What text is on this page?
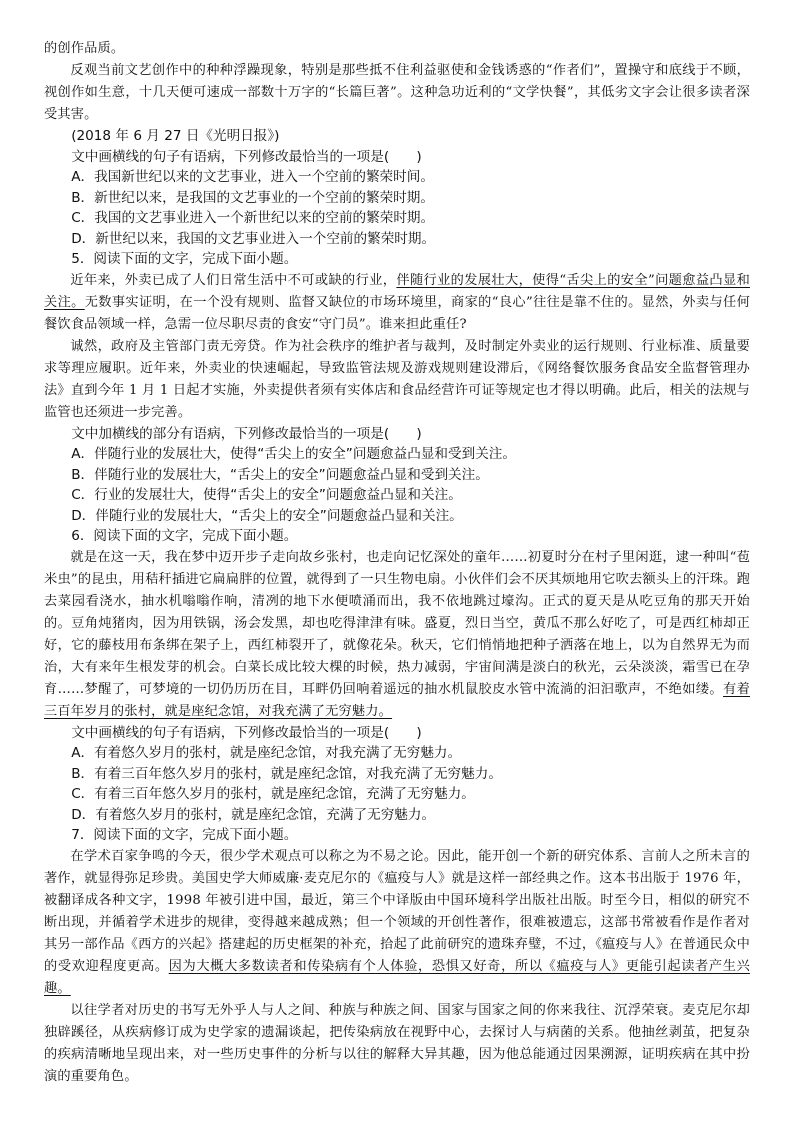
的创作品质。

反观当前文艺创作中的种种浮躁现象，特别是那些抵不住利益驱使和金钱诱惑的“作者们”，置操守和底线于不顾，视创作如生意，十几天便可速成一部数十万字的“长篇巨著”。这种急功近利的“文学快餐”，其低劣文字会让很多读者深受其害。

(2018 年 6 月 27 日《光明日报》)

文中画横线的句子有语病，下列修改最恰当的一项是(　　)

A．我国新世纪以来的文艺事业，进入一个空前的繁荣时间。

B．新世纪以来，是我国的文艺事业的一个空前的繁荣时期。

C．我国的文艺事业进入一个新世纪以来的空前的繁荣时期。

D．新世纪以来，我国的文艺事业进入一个空前的繁荣时期。

5．阅读下面的文字，完成下面小题。

近年来，外卖已成了人们日常生活中不可或缺的行业，伴随行业的发展壮大，使得“舌尖上的安全”问题愈益凸显和关注。无数事实证明，在一个没有规则、监督又缺位的市场环境里，商家的“良心”往往是靠不住的。显然，外卖与任何餐饮食品领域一样，急需一位尽职尽责的食安“守门员”。谁来担此重任?

诚然，政府及主管部门责无旁贷。作为社会秩序的维护者与裁判，及时制定外卖业的运行规则、行业标准、质量要求等理应履职。近年来，外卖业的快速崛起，导致监管法规及游戏规则建设滞后，《网络餐饮服务食品安全监督管理办法》直到今年 1 月 1 日起才实施，外卖提供者须有实体店和食品经营许可证等规定也才得以明确。此后，相关的法规与监管也还须进一步完善。

文中加横线的部分有语病，下列修改最恰当的一项是(　　)

A．伴随行业的发展壮大，使得“舌尖上的安全”问题愈益凸显和受到关注。

B．伴随行业的发展壮大，“舌尖上的安全”问题愈益凸显和受到关注。

C．行业的发展壮大，使得“舌尖上的安全”问题愈益凸显和关注。

D．伴随行业的发展壮大，“舌尖上的安全”问题愈益凸显和关注。

6．阅读下面的文字，完成下面小题。

就是在这一天，我在梦中迈开步子走向故乡张村，也走向记忆深处的童年……初夏时分在村子里闲逛，逮一种叫“苞米虫”的昆虫，用秸秆插进它扁扁胖的位置，就得到了一只生物电扇。小伙伴们会不厌其烦地用它吹去额头上的汗珠。跑去菜园看浇水，抽水机嗡嗡作响，清冽的地下水便喷涌而出，我不依地跳过壕沟。正式的夏天是从吃豆角的那天开始的。豆角炖猪肉，因为用铁锅，汤会发黑，却也吃得津津有味。盛夏，烈日当空，黄瓜不那么好吃了，可是西红柿却正好，它的藤枝用布条绑在架子上，西红柿裂开了，就像花朵。秋天，它们悄悄地把种子洒落在地上，以为自然界无为而治，大有来年生根发芽的机会。白菜长成比较大棵的时候，热力减弱，宇宙间满是淡白的秋光，云朵淡淡，霜雪已在孕育……梦醒了，可梦境的一切仍历历在目，耳畔仍回响着遥远的抽水机鼠胶皮水管中流淌的汩汩歌声，不绝如缕。有着三百年岁月的张村，就是座纪念馆，对我充满了无穷魅力。

文中画横线的句子有语病，下列修改最恰当的一项是(　　)

A．有着悠久岁月的张村，就是座纪念馆，对我充满了无穷魅力。

B．有着三百年悠久岁月的张村，就是座纪念馆，对我充满了无穷魅力。

C．有着三百年悠久岁月的张村，就是座纪念馆，充满了无穷魅力。

D．有着悠久岁月的张村，就是座纪念馆，充满了无穷魅力。

7．阅读下面的文字，完成下面小题。

在学术百家争鸣的今天，很少学术观点可以称之为不易之论。因此，能开创一个新的研究体系、言前人之所未言的著作，就显得弥足珍贵。美国史学大师威廉·麦克尼尔的《瘟疫与人》就是这样一部经典之作。这本书出版于 1976 年，被翻译成各种文字，1998 年被引进中国，最近，第三个中译版由中国环境科学出版社出版。时至今日，相似的研究不断出现，并循着学术进步的规律，变得越来越成熟；但一个领域的开创性著作，很难被遗忘，这部书常被看作是作者对其另一部作品《西方的兴起》搭建起的历史框架的补充，拾起了此前研究的遗珠弃璧，不过，《瘟疫与人》在普通民众中的受欢迎程度更高。因为大概大多数读者和传染病有个人体验，恐惧又好奇，所以《瘟疫与人》更能引起读者产生兴趣。

以往学者对历史的书写无外乎人与人之间、种族与种族之间、国家与国家之间的你来我往、沉浮荣衰。麦克尼尔却独辟蹊径，从疾病修订成为史学家的遗漏谈起，把传染病放在视野中心，去探讨人与病菌的关系。他抽丝剥茧，把复杂的疾病清晰地呈现出来，对一些历史事件的分析与以往的解释大异其趣，因为他总能通过因果溯源，证明疾病在其中扮演的重要角色。
